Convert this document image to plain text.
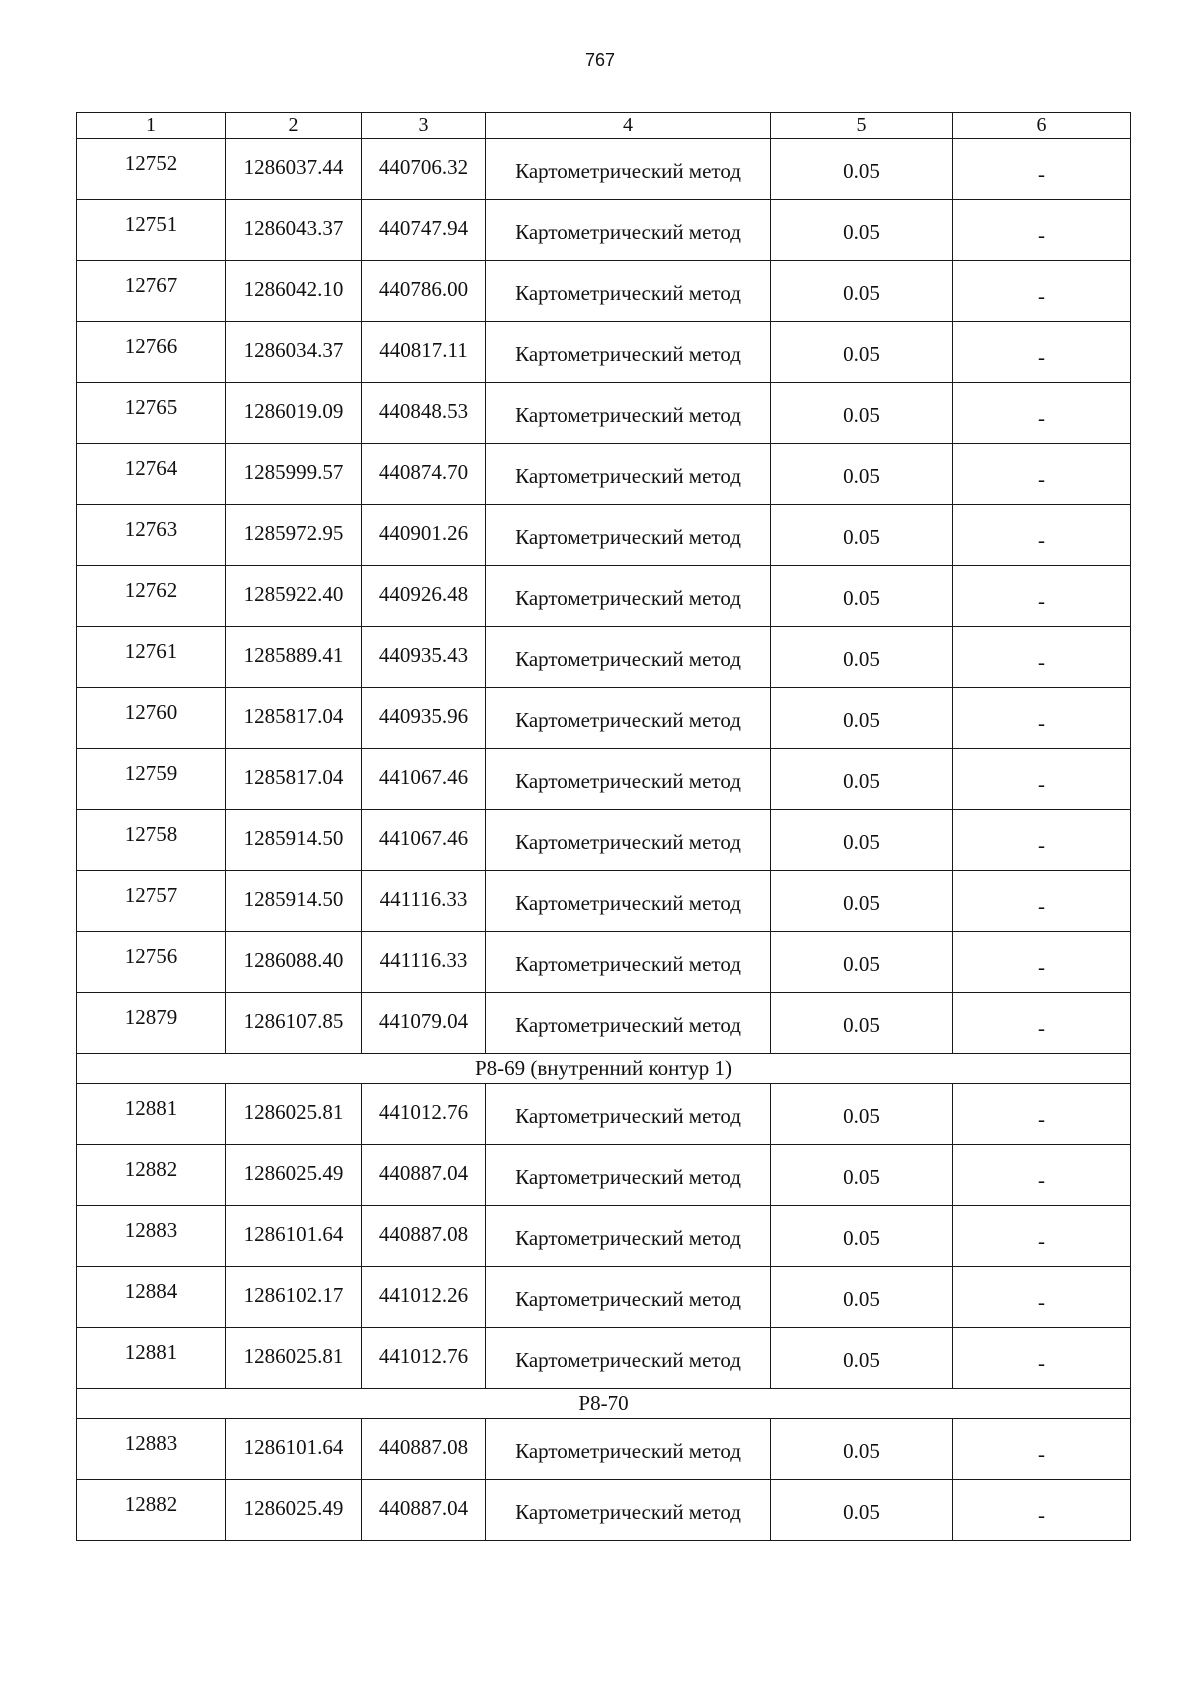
767
1	2	3	4	5	6

12752	1286037.44	440706.32	Картометрический метод	0.05	-

12751	1286043.37	440747.94	Картометрический метод	0.05	-

12767	1286042.10	440786.00	Картометрический метод	0.05	-

12766	1286034.37	440817.11	Картометрический метод	0.05	-

12765	1286019.09	440848.53	Картометрический метод	0.05	-

12764	1285999.57	440874.70	Картометрический метод	0.05	-

12763	1285972.95	440901.26	Картометрический метод	0.05	-

12762	1285922.40	440926.48	Картометрический метод	0.05	-

12761	1285889.41	440935.43	Картометрический метод	0.05	-

12760	1285817.04	440935.96	Картометрический метод	0.05	-

12759	1285817.04	441067.46	Картометрический метод	0.05	-

12758	1285914.50	441067.46	Картометрический метод	0.05	-

12757	1285914.50	441116.33	Картометрический метод	0.05	-

12756	1286088.40	441116.33	Картометрический метод	0.05	-

12879	1286107.85	441079.04	Картометрический метод	0.05	-

Р8-69 (внутренний контур 1)					

12881	1286025.81	441012.76	Картометрический метод	0.05	-

12882	1286025.49	440887.04	Картометрический метод	0.05	-

12883	1286101.64	440887.08	Картометрический метод	0.05	-

12884	1286102.17	441012.26	Картометрический метод	0.05	-

12881	1286025.81	441012.76	Картометрический метод	0.05	-

Р8-70					

12883	1286101.64	440887.08	Картометрический метод	0.05	-

12882	1286025.49	440887.04	Картометрический метод	0.05	-
